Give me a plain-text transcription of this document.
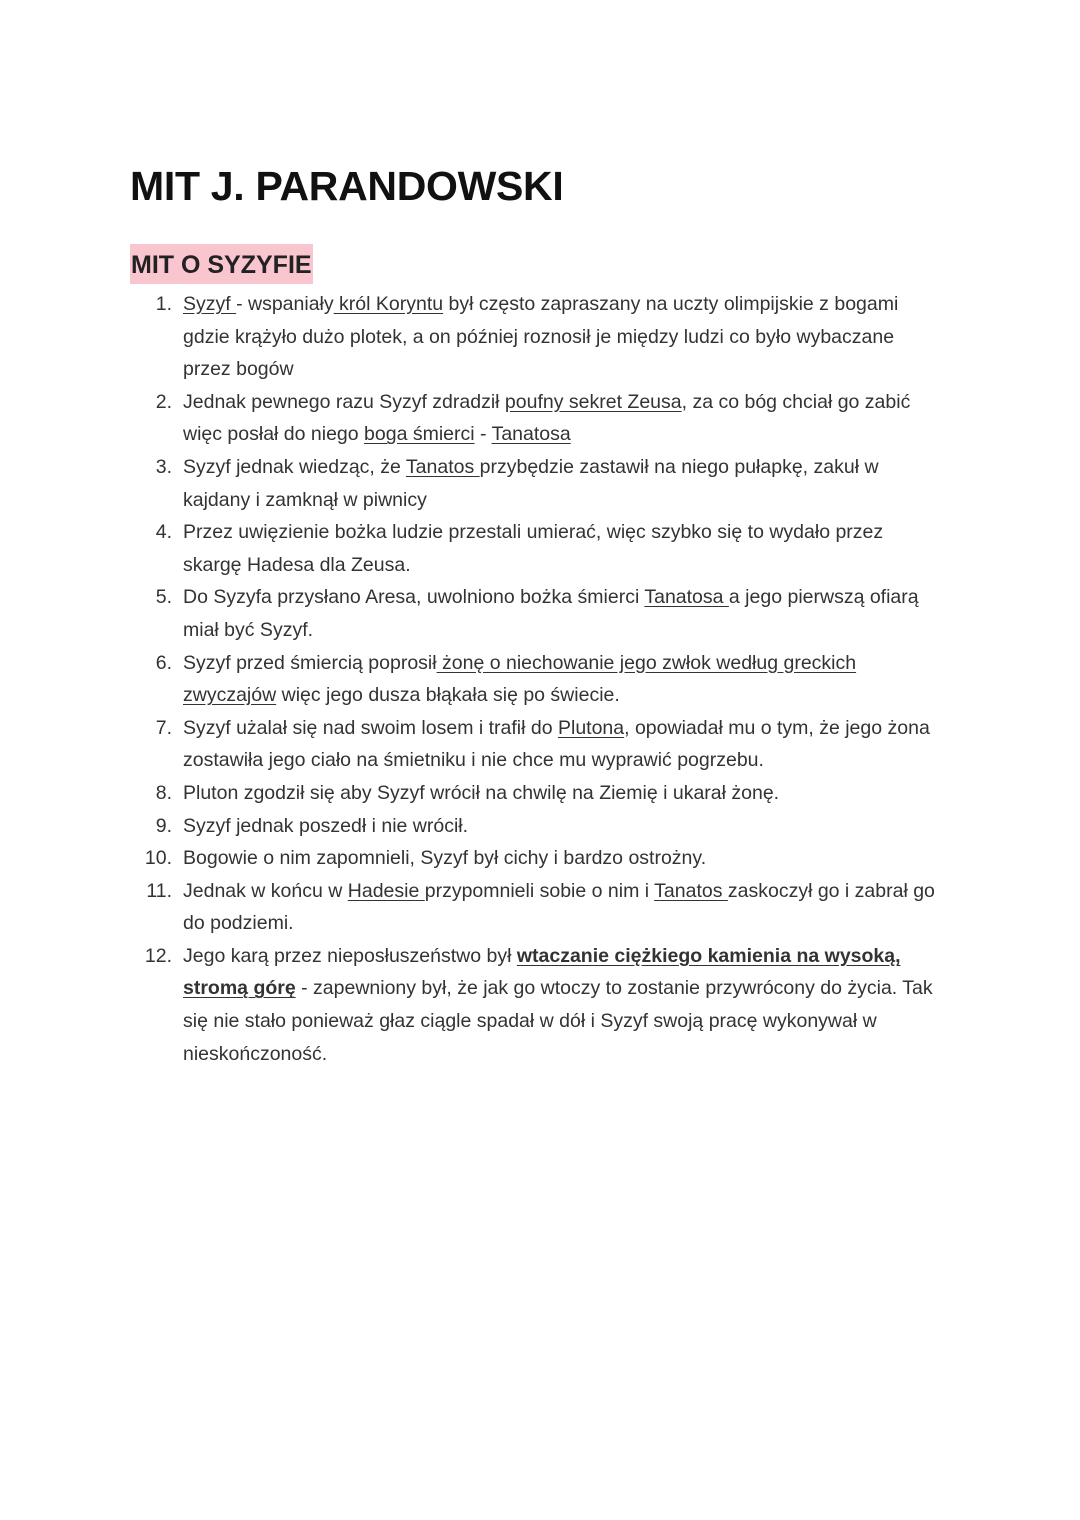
MIT J. PARANDOWSKI
MIT O SYZYFIE
1. Syzyf - wspaniały król Koryntu był często zapraszany na uczty olimpijskie z bogami gdzie krążyło dużo plotek, a on później roznosił je między ludzi co było wybaczane przez bogów
2. Jednak pewnego razu Syzyf zdradził poufny sekret Zeusa, za co bóg chciał go zabić więc posłał do niego boga śmierci - Tanatosa
3. Syzyf jednak wiedząc, że Tanatos przybędzie zastawił na niego pułapkę, zakuł w kajdany i zamknął w piwnicy
4. Przez uwięzienie bożka ludzie przestali umierać, więc szybko się to wydało przez skargę Hadesa dla Zeusa.
5. Do Syzyfa przysłano Aresa, uwolniono bożka śmierci Tanatosa a jego pierwszą ofiarą miał być Syzyf.
6. Syzyf przed śmiercią poprosił żonę o niechowanie jego zwłok według greckich zwyczajów więc jego dusza błąkała się po świecie.
7. Syzyf użalał się nad swoim losem i trafił do Plutona, opowiadał mu o tym, że jego żona zostawiła jego ciało na śmietniku i nie chce mu wyprawić pogrzebu.
8. Pluton zgodził się aby Syzyf wrócił na chwilę na Ziemię i ukarał żonę.
9. Syzyf jednak poszedł i nie wrócił.
10. Bogowie o nim zapomnieli, Syzyf był cichy i bardzo ostrożny.
11. Jednak w końcu w Hadesie przypomnieli sobie o nim i Tanatos zaskoczył go i zabrał go do podziemi.
12. Jego karą przez nieposłuszeństwo był wtaczanie ciężkiego kamienia na wysoką, stromą górę - zapewniony był, że jak go wtoczy to zostanie przywrócony do życia. Tak się nie stało ponieważ głaz ciągle spadał w dół i Syzyf swoją pracę wykonywał w nieskończoność.
